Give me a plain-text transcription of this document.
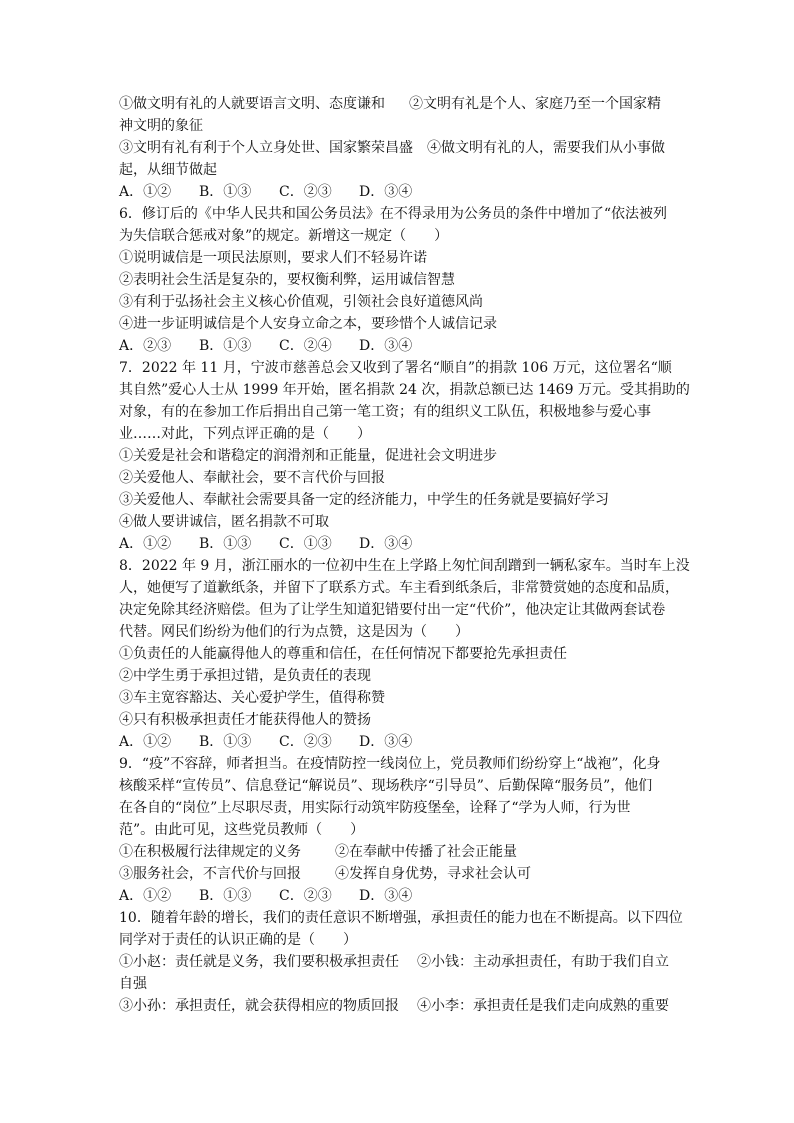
①做文明有礼的人就要语言文明、态度谦和 ②文明有礼是个人、家庭乃至一个国家精
神文明的象征
③文明有礼有利于个人立身处世、国家繁荣昌盛 ④做文明有礼的人，需要我们从小事做
起，从细节做起
A．①② B．①③ C．②③ D．③④
6．修订后的《中华人民共和国公务员法》在不得录用为公务员的条件中增加了“依法被列
为失信联合惩戒对象”的规定。新增这一规定（　　）
①说明诚信是一项民法原则，要求人们不轻易许诺
②表明社会生活是复杂的，要权衡利弊，运用诚信智慧
③有利于弘扬社会主义核心价值观，引领社会良好道德风尚
④进一步证明诚信是个人安身立命之本，要珍惜个人诚信记录
A．②③ B．①③ C．②④ D．③④
7．2022 年 11 月，宁波市慈善总会又收到了署名“顺自”的捐款 106 万元，这位署名“顺
其自然”爱心人士从 1999 年开始，匿名捐款 24 次，捐款总额已达 1469 万元。受其捐助的
对象，有的在参加工作后捐出自己第一笔工资；有的组织义工队伍，积极地参与爱心事
业……对此，下列点评正确的是（　　）
①关爱是社会和谐稳定的润滑剂和正能量，促进社会文明进步
②关爱他人、奉献社会，要不言代价与回报
③关爱他人、奉献社会需要具备一定的经济能力，中学生的任务就是要搞好学习
④做人要讲诚信，匿名捐款不可取
A．①② B．①③ C．①③ D．③④
8．2022 年 9 月，浙江丽水的一位初中生在上学路上匆忙间刮蹭到一辆私家车。当时车上没
人，她便写了道歉纸条，并留下了联系方式。车主看到纸条后，非常赞赏她的态度和品质，
决定免除其经济赔偿。但为了让学生知道犯错要付出一定“代价”，他决定让其做两套试卷
代替。网民们纷纷为他们的行为点赞，这是因为（　　）
①负责任的人能赢得他人的尊重和信任，在任何情况下都要抢先承担责任
②中学生勇于承担过错，是负责任的表现
③车主宽容豁达、关心爱护学生，值得称赞
④只有积极承担责任才能获得他人的赞扬
A．①② B．①③ C．②③ D．③④
9．“疫”不容辞，师者担当。在疫情防控一线岗位上，党员教师们纷纷穿上“战袍”，化身
核酸采样“宣传员”、信息登记“解说员”、现场秩序“引导员”、后勤保障“服务员”，他们
在各自的“岗位”上尽职尽责，用实际行动筑牢防疫堡垒，诠释了“学为人师，行为世
范”。由此可见，这些党员教师（　　）
①在积极履行法律规定的义务 ②在奉献中传播了社会正能量
③服务社会，不言代价与回报 ④发挥自身优势，寻求社会认可
A．①② B．①③ C．②③ D．③④
10．随着年龄的增长，我们的责任意识不断增强，承担责任的能力也在不断提高。以下四位
同学对于责任的认识正确的是（　　）
①小赵：责任就是义务，我们要积极承担责任 ②小钱：主动承担责任，有助于我们自立
自强
③小孙：承担责任，就会获得相应的物质回报 ④小李：承担责任是我们走向成熟的重要
